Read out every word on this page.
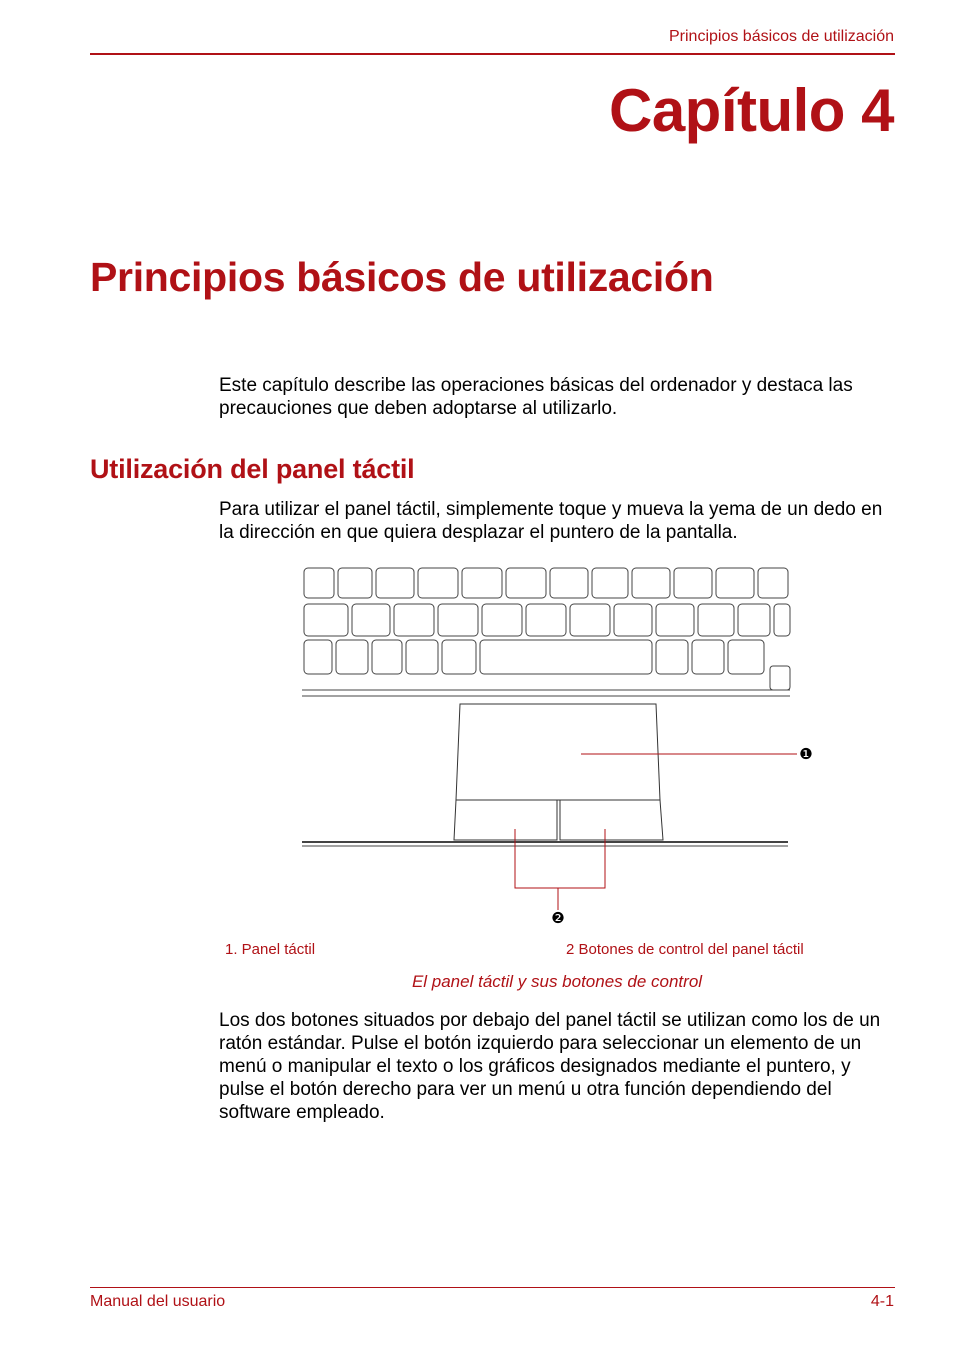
Principios básicos de utilización
Capítulo 4
Principios básicos de utilización
Este capítulo describe las operaciones básicas del ordenador y destaca las precauciones que deben adoptarse al utilizarlo.
Utilización del panel táctil
Para utilizar el panel táctil, simplemente toque y mueva la yema de un dedo en la dirección en que quiera desplazar el puntero de la pantalla.
❶
❷
1. Panel táctil	2 Botones de control del panel táctil
El panel táctil y sus botones de control
Los dos botones situados por debajo del panel táctil se utilizan como los de un ratón estándar. Pulse el botón izquierdo para seleccionar un elemento de un menú o manipular el texto o los gráficos designados mediante el puntero, y pulse el botón derecho para ver un menú u otra función dependiendo del software empleado.
Manual del usuario	4-1
